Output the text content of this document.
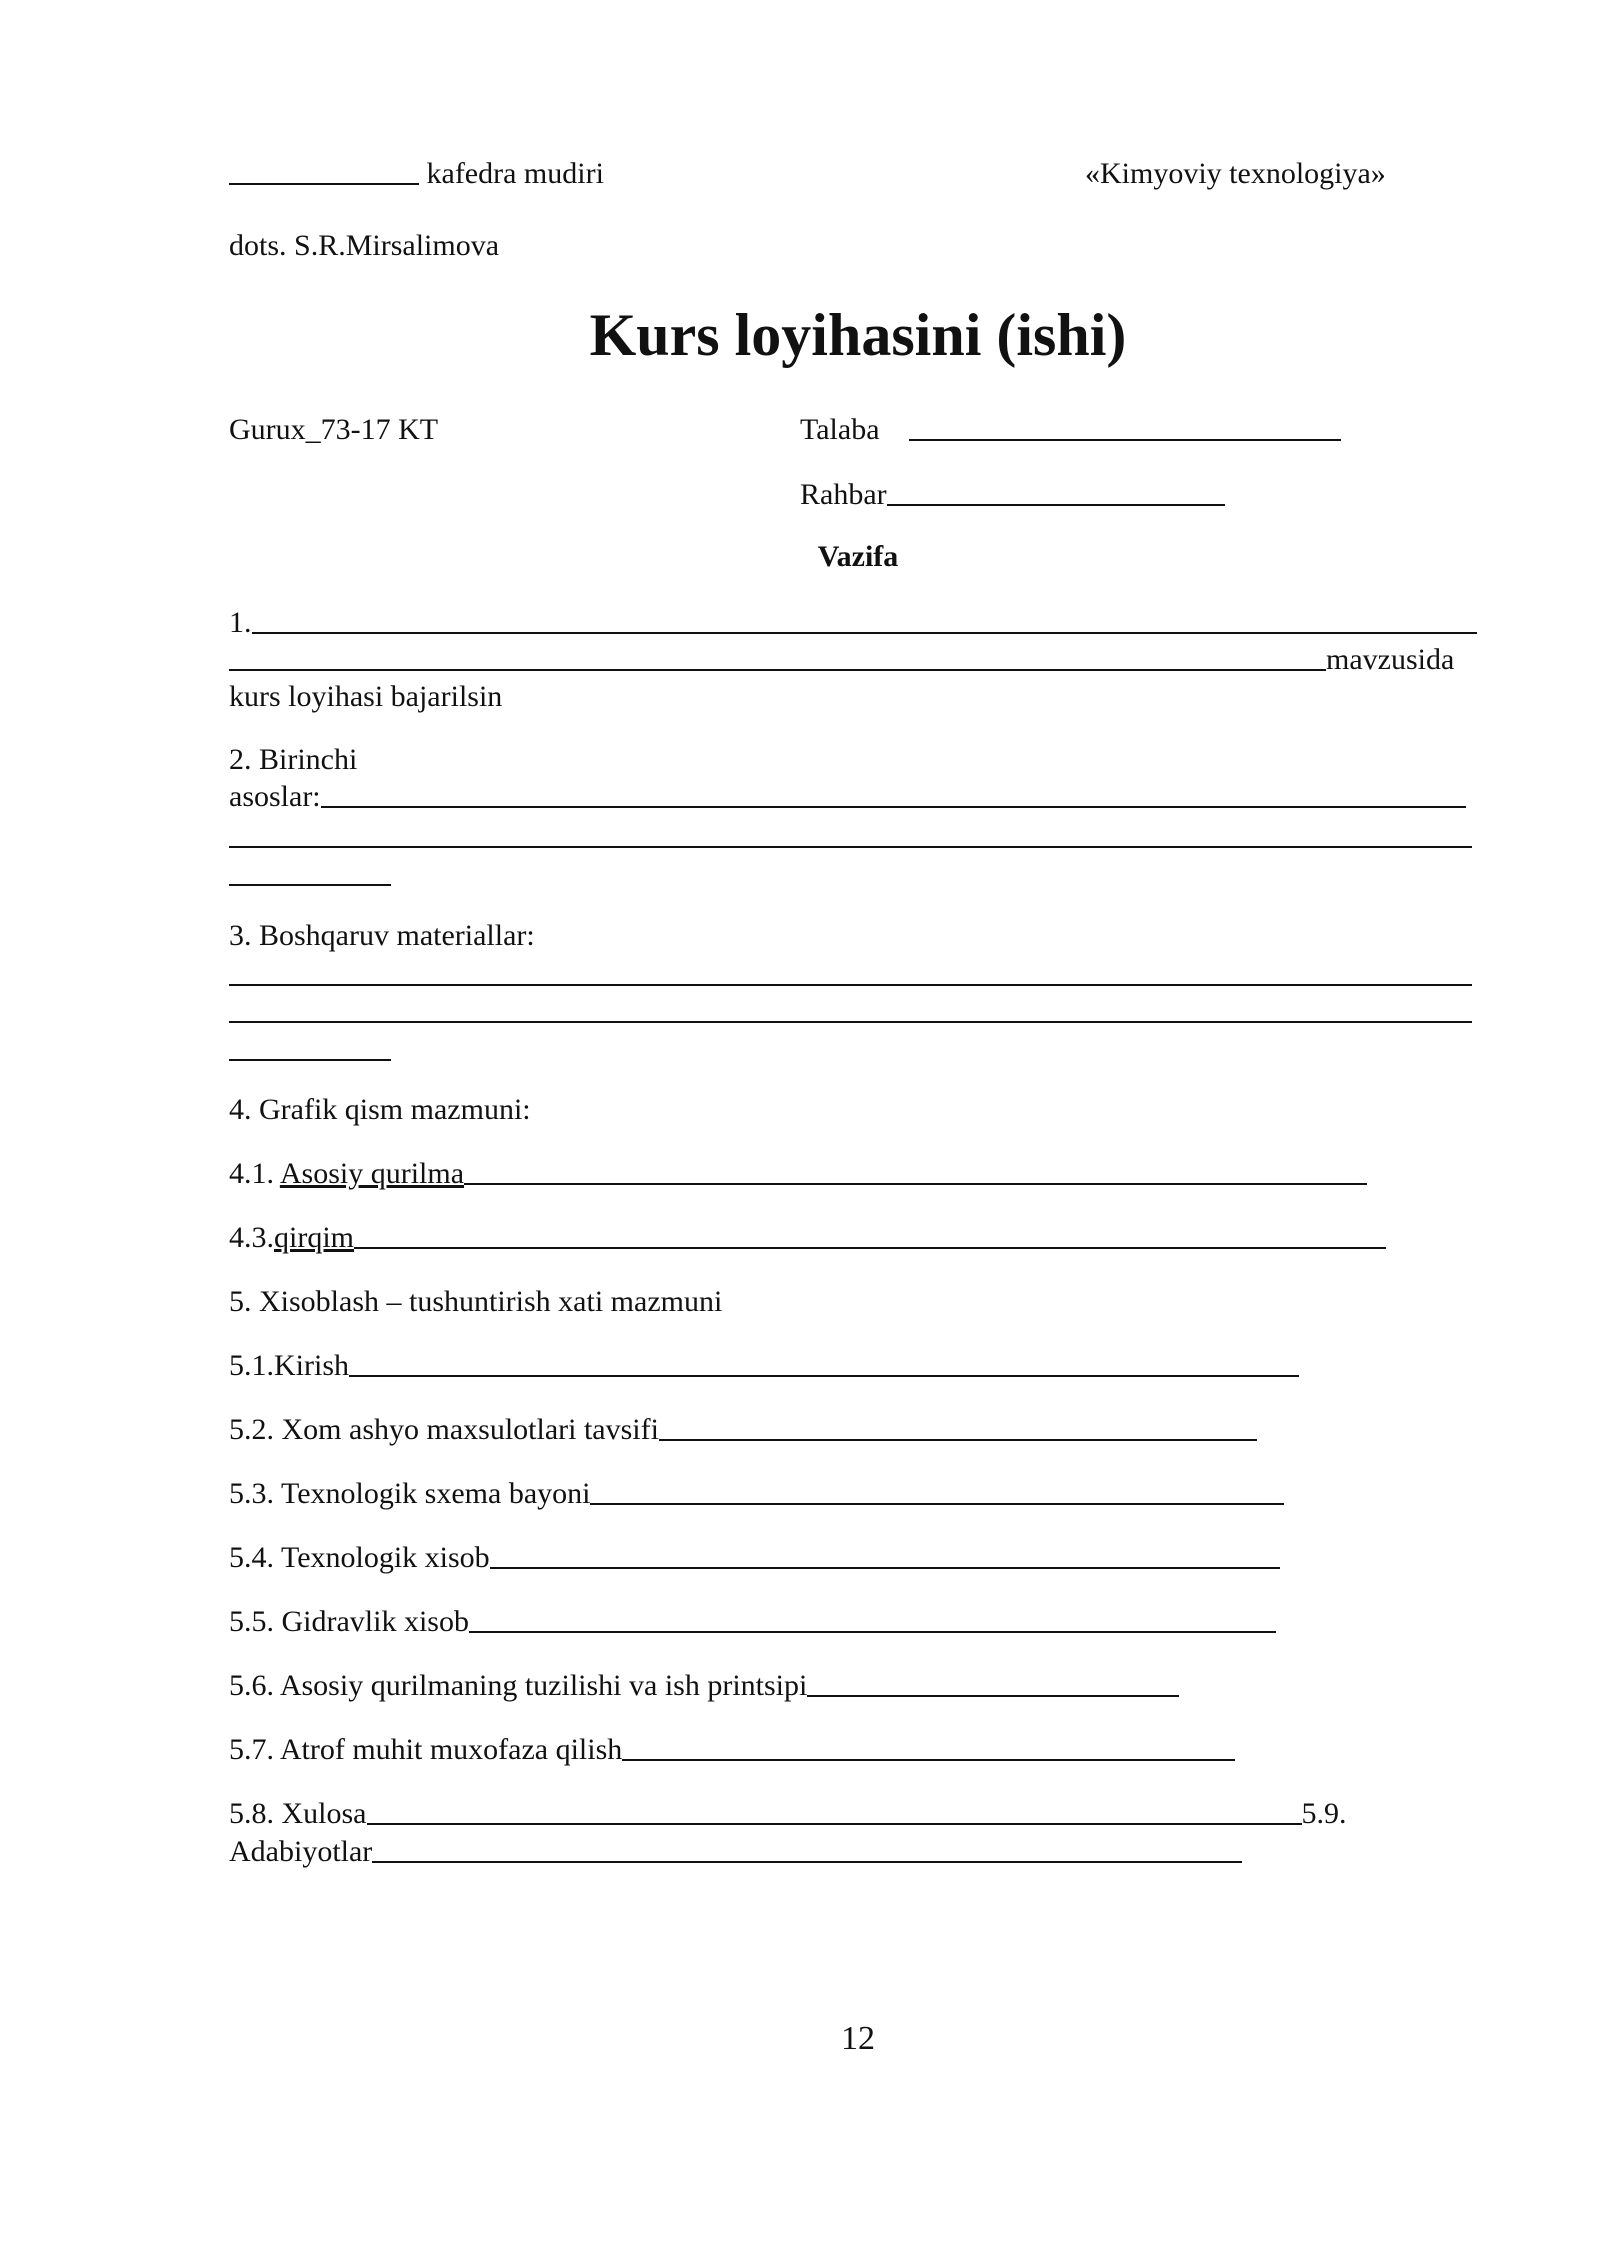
kafedra mudiri	«Kimyoviy texnologiya»
dots. S.R.Mirsalimova
Kurs loyihasini (ishi)
Gurux_73-17 KT	Talaba
Rahbar
Vazifa
1.
mavzusida
kurs loyihasi bajarilsin
2. Birinchi
asoslar:
3. Boshqaruv materiallar:
4. Grafik qism mazmuni:
4.1. Asosiy qurilma
4.3.qirqim
5. Xisoblash – tushuntirish xati mazmuni
5.1.Kirish
5.2. Xom ashyo maxsulotlari tavsifi
5.3. Texnologik sxema bayoni
5.4. Texnologik xisob
5.5. Gidravlik xisob
5.6. Asosiy qurilmaning tuzilishi va ish printsipi
5.7. Atrof muhit muxofaza qilish
5.8. Xulosa	5.9.
Adabiyotlar
12
